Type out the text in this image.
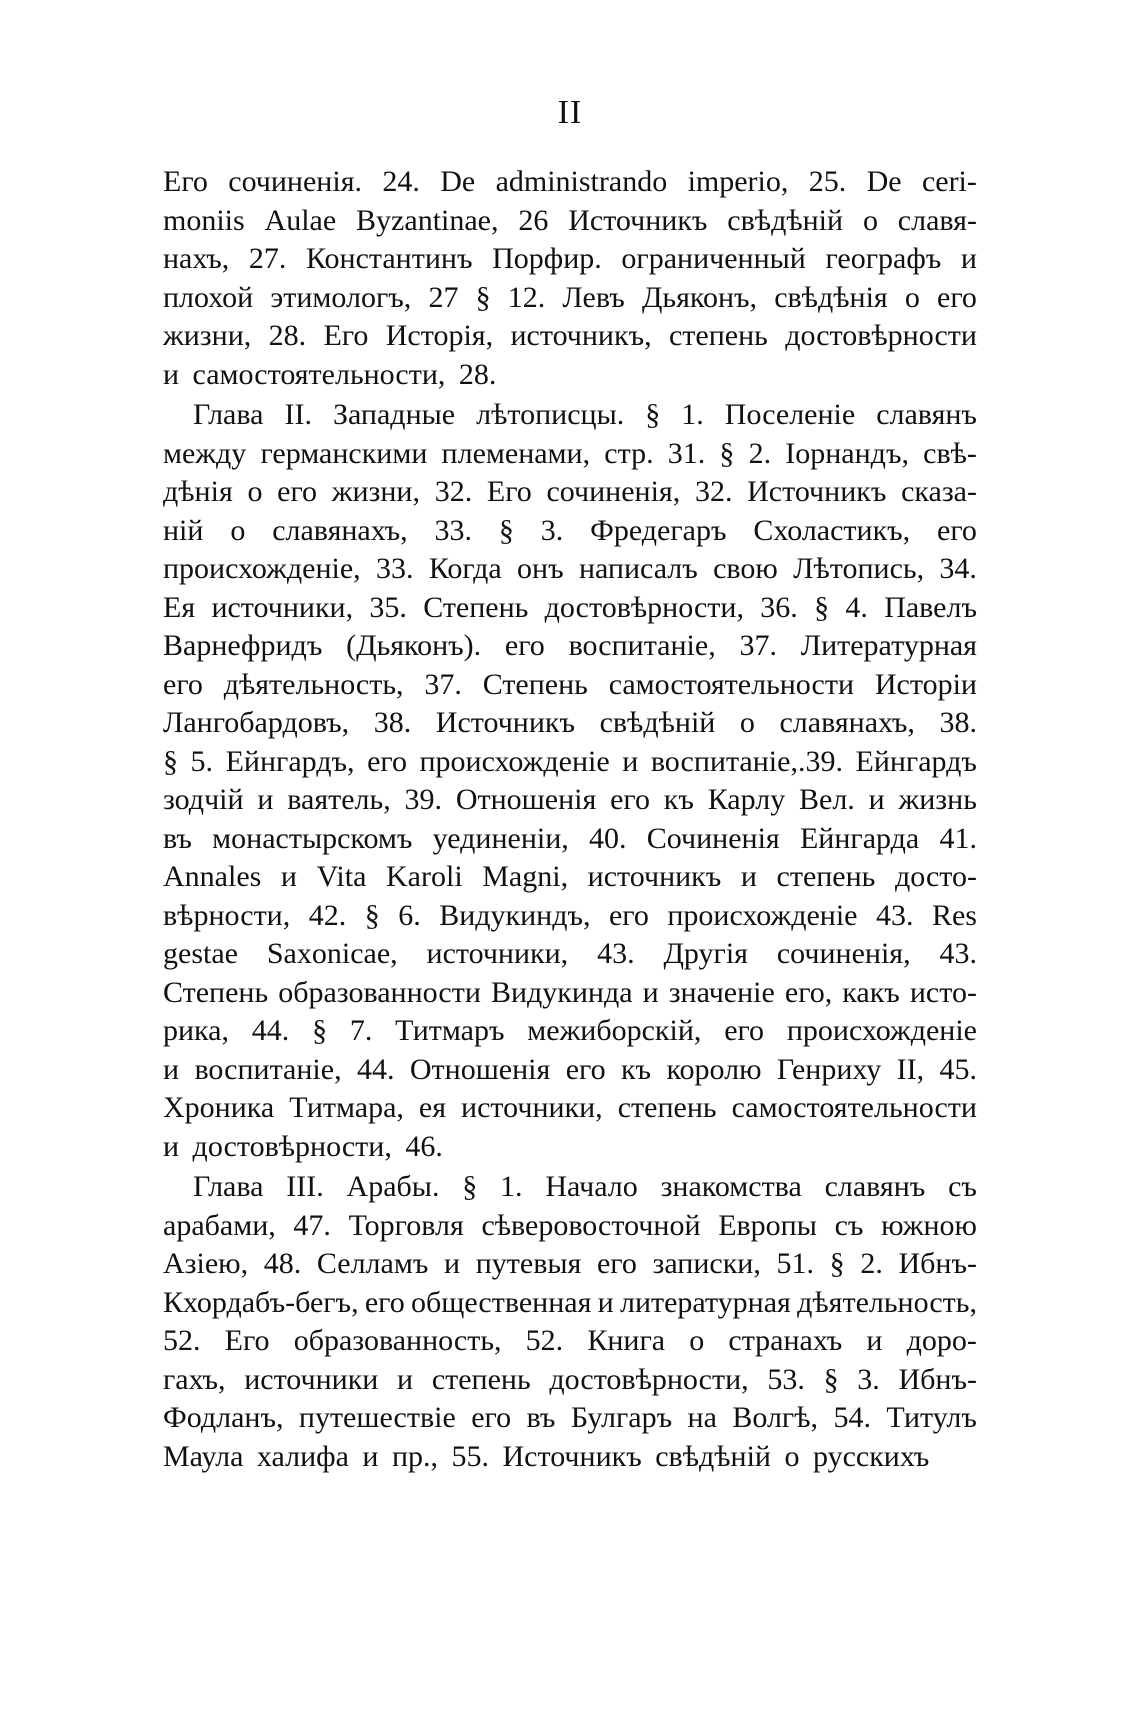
II
Его сочиненія. 24. De administrando imperio, 25. De ceri-
moniis Aulae Byzantinae, 26 Источникъ свѣдѣній о славя-
нахъ, 27. Константинъ Порфир. ограниченный географъ и
плохой этимологъ, 27 § 12. Левъ Дьяконъ, свѣдѣнія о его
жизни, 28. Его Исторія, источникъ, степень достовѣрности
и самостоятельности, 28.
Глава II. Западные лѣтописцы. § 1. Поселеніе славянъ
между германскими племенами, стр. 31. § 2. Іорнандъ, свѣ-
дѣнія о его жизни, 32. Его сочиненія, 32. Источникъ сказа-
ній о славянахъ, 33. § 3. Фредегаръ Схоластикъ, его
происхожденіе, 33. Когда онъ написалъ свою Лѣтопись, 34.
Ея источники, 35. Степень достовѣрности, 36. § 4. Павелъ
Варнефридъ (Дьяконъ). его воспитаніе, 37. Литературная
его дѣятельность, 37. Степень самостоятельности Исторіи
Лангобардовъ, 38. Источникъ свѣдѣній о славянахъ, 38.
§ 5. Ейнгардъ, его происхожденіе и воспитаніе,.39. Ейнгардъ
зодчій и ваятель, 39. Отношенія его къ Карлу Вел. и жизнь
въ монастырскомъ уединеніи, 40. Сочиненія Ейнгарда 41.
Annales и Vita Karoli Magni, источникъ и степень досто-
вѣрности, 42. § 6. Видукиндъ, его происхожденіе 43. Res
gestae Saxonicae, источники, 43. Другія сочиненія, 43.
Степень образованности Видукинда и значеніе его, какъ исто-
рика, 44. § 7. Титмаръ межиборскій, его происхожденіе
и воспитаніе, 44. Отношенія его къ королю Генриху II, 45.
Хроника Титмара, ея источники, степень самостоятельности
и достовѣрности, 46.
Глава III. Арабы. § 1. Начало знакомства славянъ съ
арабами, 47. Торговля сѣверовосточной Европы съ южною
Азіею, 48. Селламъ и путевыя его записки, 51. § 2. Ибнъ-
Кхордабъ-бегъ, его общественная и литературная дѣятельность,
52. Его образованность, 52. Книга о странахъ и доро-
гахъ, источники и степень достовѣрности, 53. § 3. Ибнъ-
Фодланъ, путешествіе его въ Булгаръ на Волгѣ, 54. Титулъ
Маула халифа и пр., 55. Источникъ свѣдѣній о русскихъ
